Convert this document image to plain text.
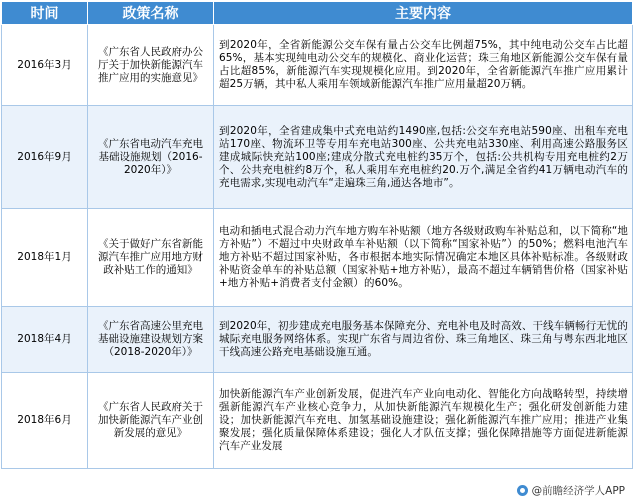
时间	政策名称	主要内容
2016年3月	《广东省人民政府办公厅关于加快新能源汽车推广应用的实施意见》	到2020年，全省新能源公交车保有量占公交车比例超75%，其中纯电动公交车占比超65%，基本实现纯电动公交车的规模化、商业化运营；珠三角地区新能源公交车保有量占比超85%，新能源汽车实现规模化应用。到2020年，全省新能源汽车推广应用累计超25万辆，其中私人乘用车领域新能源汽车推广应用量超20万辆。
2016年9月	《广东省电动汽车充电基础设施规划（2016-2020年）》	到2020年，全省建成集中式充电站约1490座,包括:公交车充电站590座、出租车充电站170座、物流环卫等专用车充电站300座、公共充电站330座、利用高速公路服务区建成城际快充站100座;建成分散式充电桩约35万个，包括:公共机构专用充电桩约2万个、公共充电桩约8万个，私人乘用车充电桩约20.万个,满足全省约41万辆电动汽车的充电需求,实现电动汽车“走遍珠三角,通达各地市”。
2018年1月	《关于做好广东省新能源汽车推广应用地方财政补贴工作的通知》	电动和插电式混合动力汽车地方购车补贴额（地方各级财政购车补贴总和，以下简称“地方补贴”）不超过中央财政单车补贴额（以下简称“国家补贴”）的50%；燃料电池汽车地方补贴不超过国家补贴，各市根据本地实际情况确定本地区具体补贴标准。各级财政补贴资金单车的补贴总额（国家补贴+地方补贴），最高不超过车辆销售价格（国家补贴+地方补贴+消费者支付金额）的60%。
2018年4月	《广东省高速公里充电基础设施建设规划方案（2018-2020年）》	到2020年，初步建成充电服务基本保障充分、充电补电及时高效、干线车辆畅行无忧的城际充电服务网络体系。实现广东省与周边省份、珠三角地区、珠三角与粤东西北地区干线高速公路充电基础设施互通。
2018年6月	《广东省人民政府关于加快新能源汽车产业创新发展的意见》	加快新能源汽车产业创新发展，促进汽车产业向电动化、智能化方向战略转型，持续增强新能源汽车产业核心竞争力，从加快新能源汽车规模化生产；强化研发创新能力建设；加快新能源汽车充电、加氢基础设施建设；强化新能源汽车推广应用；推进产业集聚发展；强化质量保障体系建设；强化人才队伍支撑；强化保障措施等方面促进新能源汽车产业发展
@前瞻经济学人APP
